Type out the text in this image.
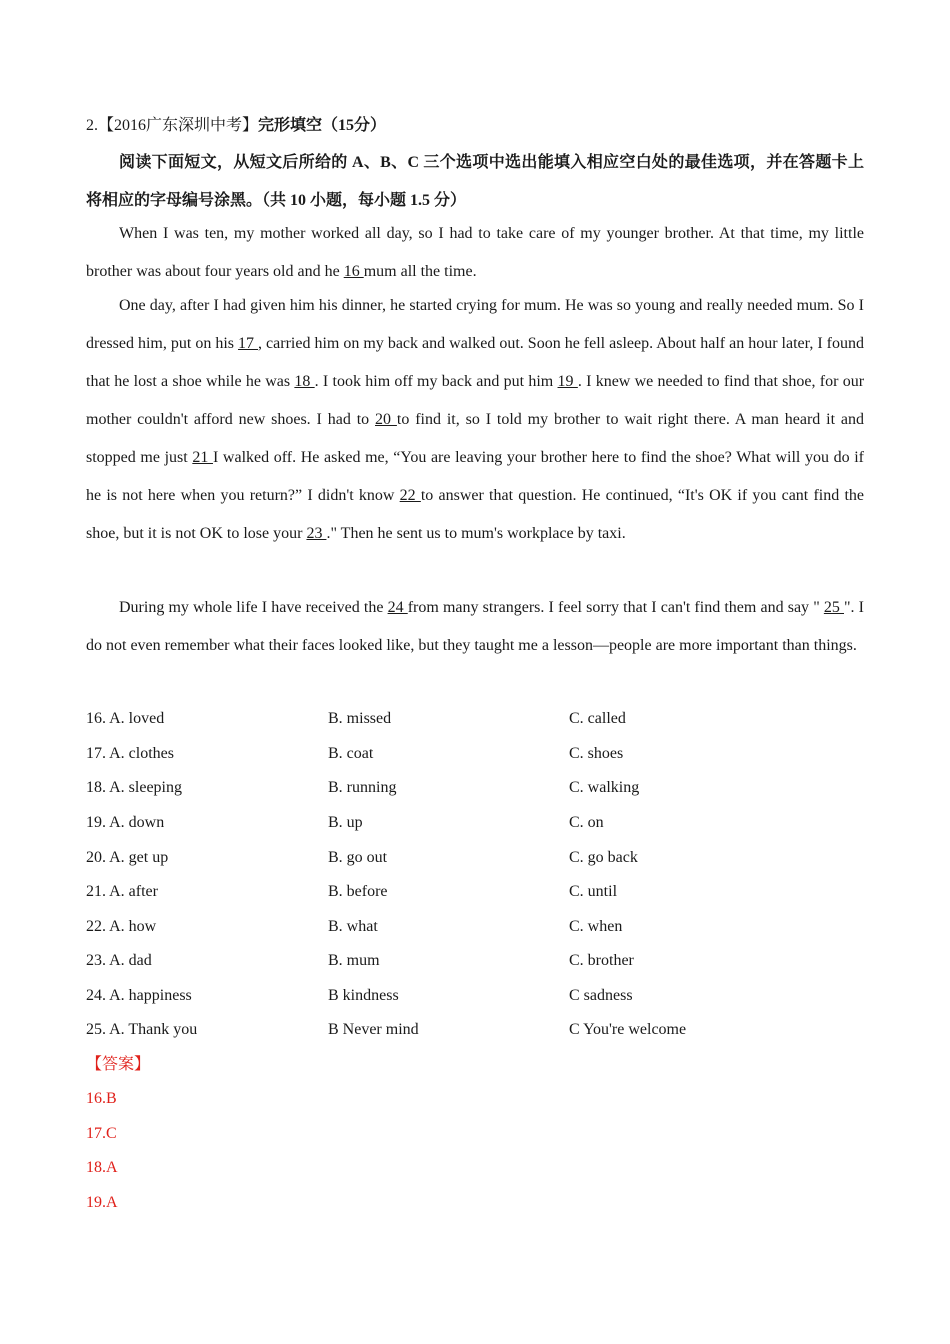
2.【2016广东深圳中考】完形填空（15分）
阅读下面短文，从短文后所给的 A、B、C 三个选项中选出能填入相应空白处的最佳选项，并在答题卡上将相应的字母编号涂黑。（共 10 小题，每小题 1.5 分）
When I was ten, my mother worked all day, so I had to take care of my younger brother. At that time, my little brother was about four years old and he 16 mum all the time.
One day, after I had given him his dinner, he started crying for mum. He was so young and really needed mum. So I dressed him, put on his 17 , carried him on my back and walked out. Soon he fell asleep. About half an hour later, I found that he lost a shoe while he was 18 . I took him off my back and put him 19 . I knew we needed to find that shoe, for our mother couldn't afford new shoes. I had to 20 to find it, so I told my brother to wait right there. A man heard it and stopped me just 21 I walked off. He asked me, “You are leaving your brother here to find the shoe? What will you do if he is not here when you return?” I didn't know 22 to answer that question. He continued, “It's OK if you cant find the shoe, but it is not OK to lose your 23 ." Then he sent us to mum's workplace by taxi.
During my whole life I have received the 24 from many strangers. I feel sorry that I can't find them and say " 25 ". I do not even remember what their faces looked like, but they taught me a lesson—people are more important than things.
16. A. loved	B. missed	C. called
17. A. clothes	B. coat	C. shoes
18. A. sleeping	B. running	C. walking
19. A. down	B. up	C. on
20. A. get up	B. go out	C. go back
21. A. after	B. before	C. until
22. A. how	B. what	C. when
23. A. dad	B. mum	C. brother
24. A. happiness	B kindness	C sadness
25. A. Thank you	B Never mind	C You're welcome
【答案】
16.B
17.C
18.A
19.A
